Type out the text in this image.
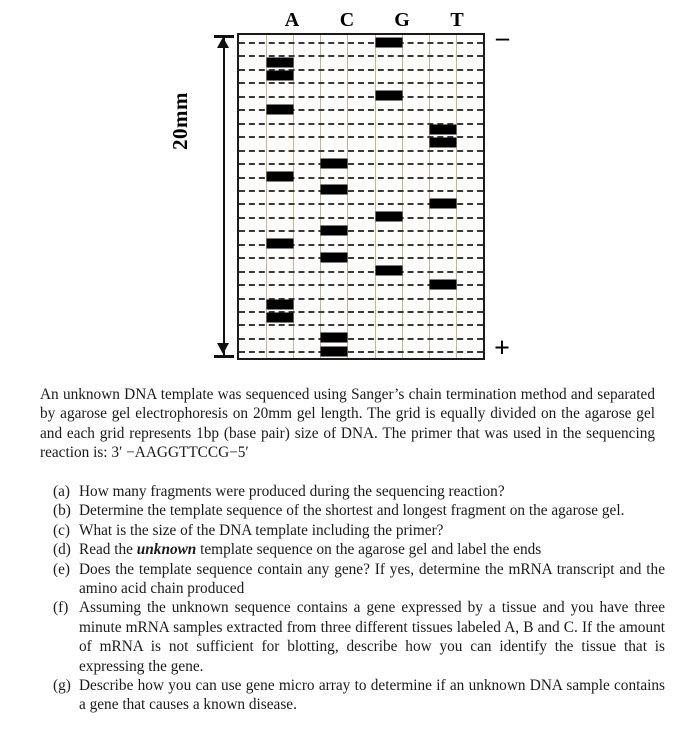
A	C	G	T
20mm
–
+
An unknown DNA template was sequenced using Sanger’s chain termination method and separated by agarose gel electrophoresis on 20mm gel length. The grid is equally divided on the agarose gel and each grid represents 1bp (base pair) size of DNA. The primer that was used in the sequencing reaction is: 3′ −AAGGTTCCG−5′
(a) How many fragments were produced during the sequencing reaction?
(b) Determine the template sequence of the shortest and longest fragment on the agarose gel.
(c) What is the size of the DNA template including the primer?
(d) Read the unknown template sequence on the agarose gel and label the ends
(e) Does the template sequence contain any gene? If yes, determine the mRNA transcript and the amino acid chain produced
(f) Assuming the unknown sequence contains a gene expressed by a tissue and you have three minute mRNA samples extracted from three different tissues labeled A, B and C. If the amount of mRNA is not sufficient for blotting, describe how you can identify the tissue that is expressing the gene.
(g) Describe how you can use gene micro array to determine if an unknown DNA sample contains a gene that causes a known disease.
